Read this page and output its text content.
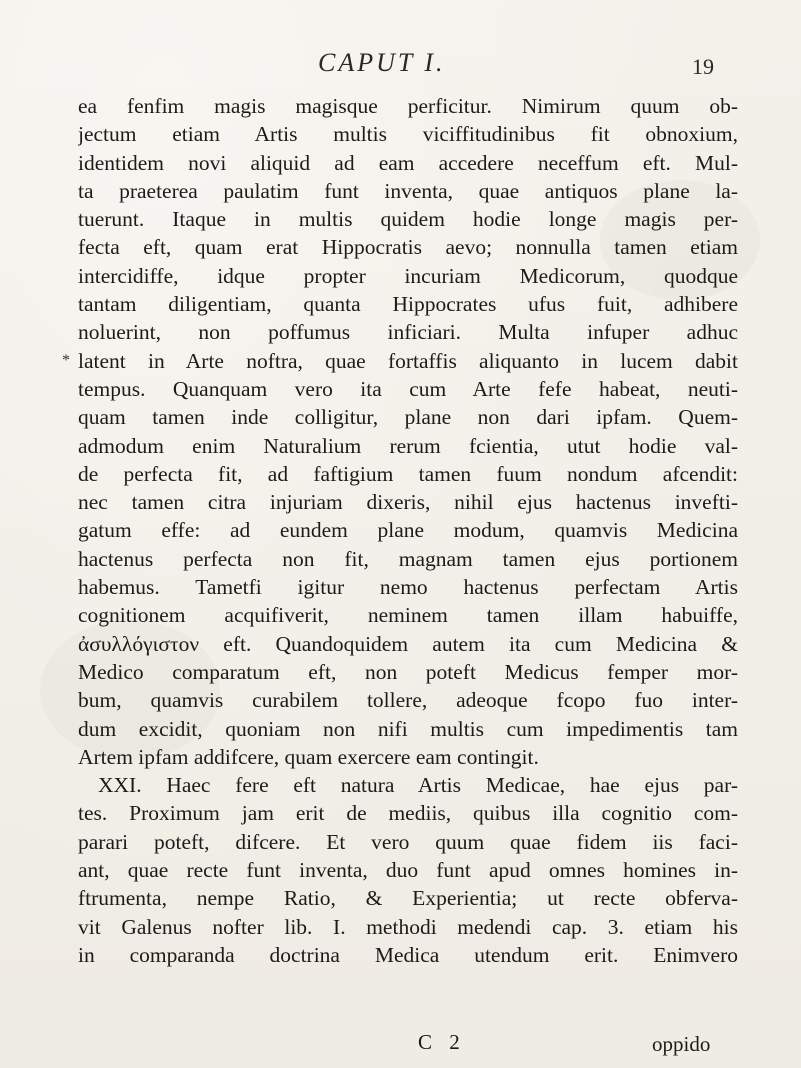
CAPUT I.	19
*
ea fenfim magis magisque perficitur. Nimirum quum ob-
jectum etiam Artis multis viciffitudinibus fit obnoxium,
identidem novi aliquid ad eam accedere neceffum eft. Mul-
ta praeterea paulatim funt inventa, quae antiquos plane la-
tuerunt. Itaque in multis quidem hodie longe magis per-
fecta eft, quam erat Hippocratis aevo; nonnulla tamen etiam
intercidiffe, idque propter incuriam Medicorum, quodque
tantam diligentiam, quanta Hippocrates ufus fuit, adhibere
noluerint, non poffumus inficiari. Multa infuper adhuc
latent in Arte noftra, quae fortaffis aliquanto in lucem dabit
tempus. Quanquam vero ita cum Arte fefe habeat, neuti-
quam tamen inde colligitur, plane non dari ipfam. Quem-
admodum enim Naturalium rerum fcientia, utut hodie val-
de perfecta fit, ad faftigium tamen fuum nondum afcendit:
nec tamen citra injuriam dixeris, nihil ejus hactenus invefti-
gatum effe: ad eundem plane modum, quamvis Medicina
hactenus perfecta non fit, magnam tamen ejus portionem
habemus. Tametfi igitur nemo hactenus perfectam Artis
cognitionem acquifiverit, neminem tamen illam habuiffe,
ἀσυλλόγιστον eft. Quandoquidem autem ita cum Medicina &
Medico comparatum eft, non poteft Medicus femper mor-
bum, quamvis curabilem tollere, adeoque fcopo fuo inter-
dum excidit, quoniam non nifi multis cum impedimentis tam
Artem ipfam addifcere, quam exercere eam contingit.
XXI. Haec fere eft natura Artis Medicae, hae ejus par-
tes. Proximum jam erit de mediis, quibus illa cognitio com-
parari poteft, difcere. Et vero quum quae fidem iis faci-
ant, quae recte funt inventa, duo funt apud omnes homines in-
ftrumenta, nempe Ratio, & Experientia; ut recte obferva-
vit Galenus nofter lib. I. methodi medendi cap. 3. etiam his
in comparanda doctrina Medica utendum erit. Enimvero
C 2	oppido
